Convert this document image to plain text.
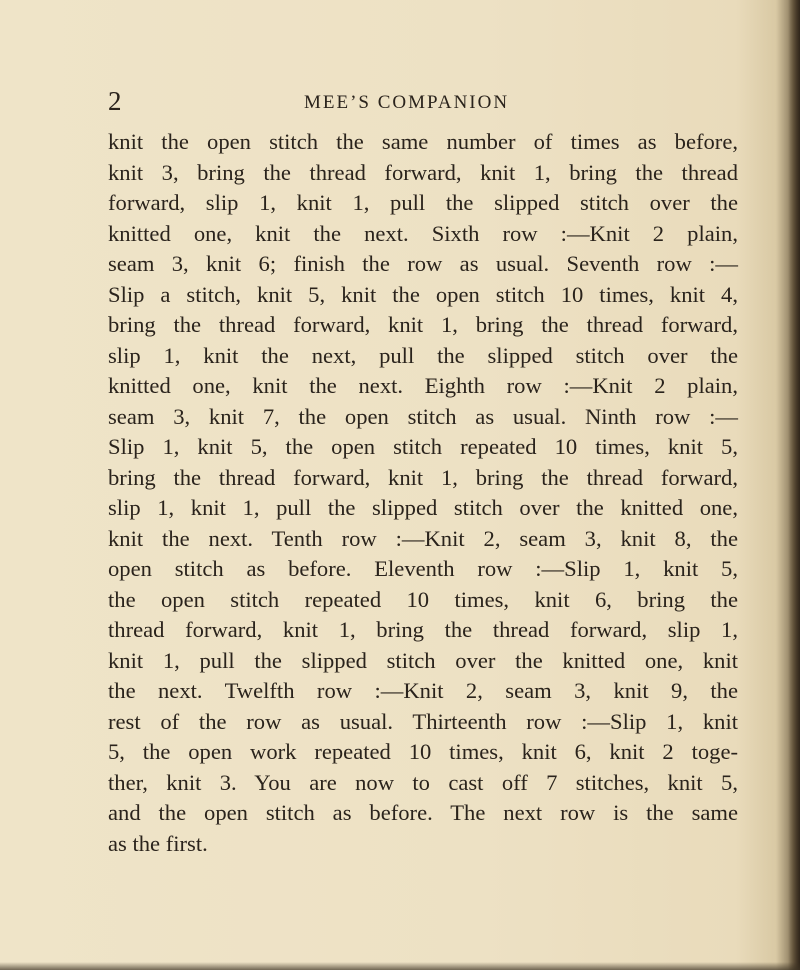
2	MEE’S COMPANION
knit the open stitch the same number of times as before,
knit 3, bring the thread forward, knit 1, bring the thread
forward, slip 1, knit 1, pull the slipped stitch over the
knitted one, knit the next. Sixth row :—Knit 2 plain,
seam 3, knit 6; finish the row as usual. Seventh row :—
Slip a stitch, knit 5, knit the open stitch 10 times, knit 4,
bring the thread forward, knit 1, bring the thread forward,
slip 1, knit the next, pull the slipped stitch over the
knitted one, knit the next. Eighth row :—Knit 2 plain,
seam 3, knit 7, the open stitch as usual. Ninth row :—
Slip 1, knit 5, the open stitch repeated 10 times, knit 5,
bring the thread forward, knit 1, bring the thread forward,
slip 1, knit 1, pull the slipped stitch over the knitted one,
knit the next. Tenth row :—Knit 2, seam 3, knit 8, the
open stitch as before. Eleventh row :—Slip 1, knit 5,
the open stitch repeated 10 times, knit 6, bring the
thread forward, knit 1, bring the thread forward, slip 1,
knit 1, pull the slipped stitch over the knitted one, knit
the next. Twelfth row :—Knit 2, seam 3, knit 9, the
rest of the row as usual. Thirteenth row :—Slip 1, knit
5, the open work repeated 10 times, knit 6, knit 2 toge-
ther, knit 3. You are now to cast off 7 stitches, knit 5,
and the open stitch as before. The next row is the same
as the first.
